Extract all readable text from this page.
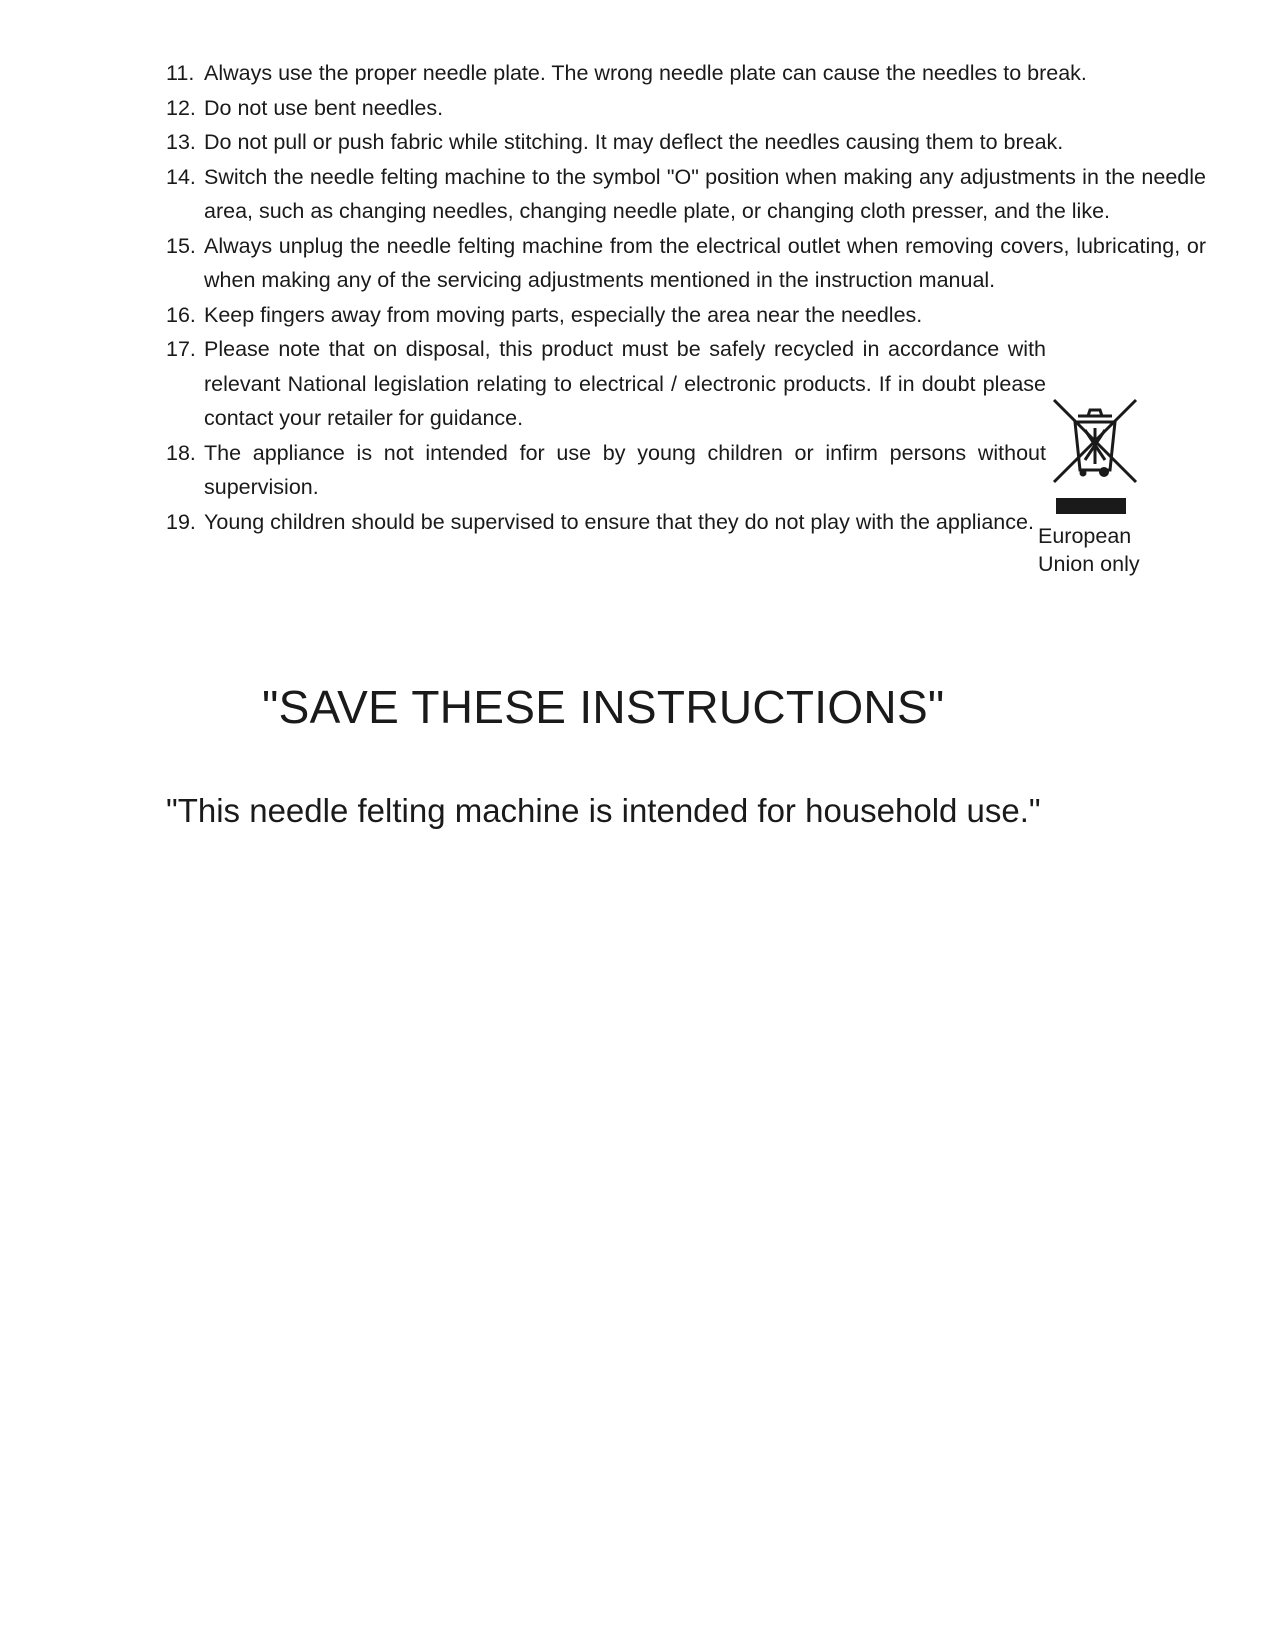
11. Always use the proper needle plate. The wrong needle plate can cause the needles to break.
12. Do not use bent needles.
13. Do not pull or push fabric while stitching. It may deflect the needles causing them to break.
14. Switch the needle felting machine to the symbol "O" position when making any adjustments in the needle area, such as changing needles, changing needle plate, or changing cloth presser, and the like.
15. Always unplug the needle felting machine from the electrical outlet when removing covers, lubricating, or when making any of the servicing adjustments mentioned in the instruction manual.
16. Keep fingers away from moving parts, especially the area near the needles.
17. Please note that on disposal, this product must be safely recycled in accordance with relevant National legislation relating to electrical / electronic products. If in doubt please contact your retailer for guidance.
18. The appliance is not intended for use by young children or infirm persons without supervision.
19. Young children should be supervised to ensure that they do not play with the appliance.
European
Union only
"SAVE THESE INSTRUCTIONS"
"This needle felting machine is intended for household use."
